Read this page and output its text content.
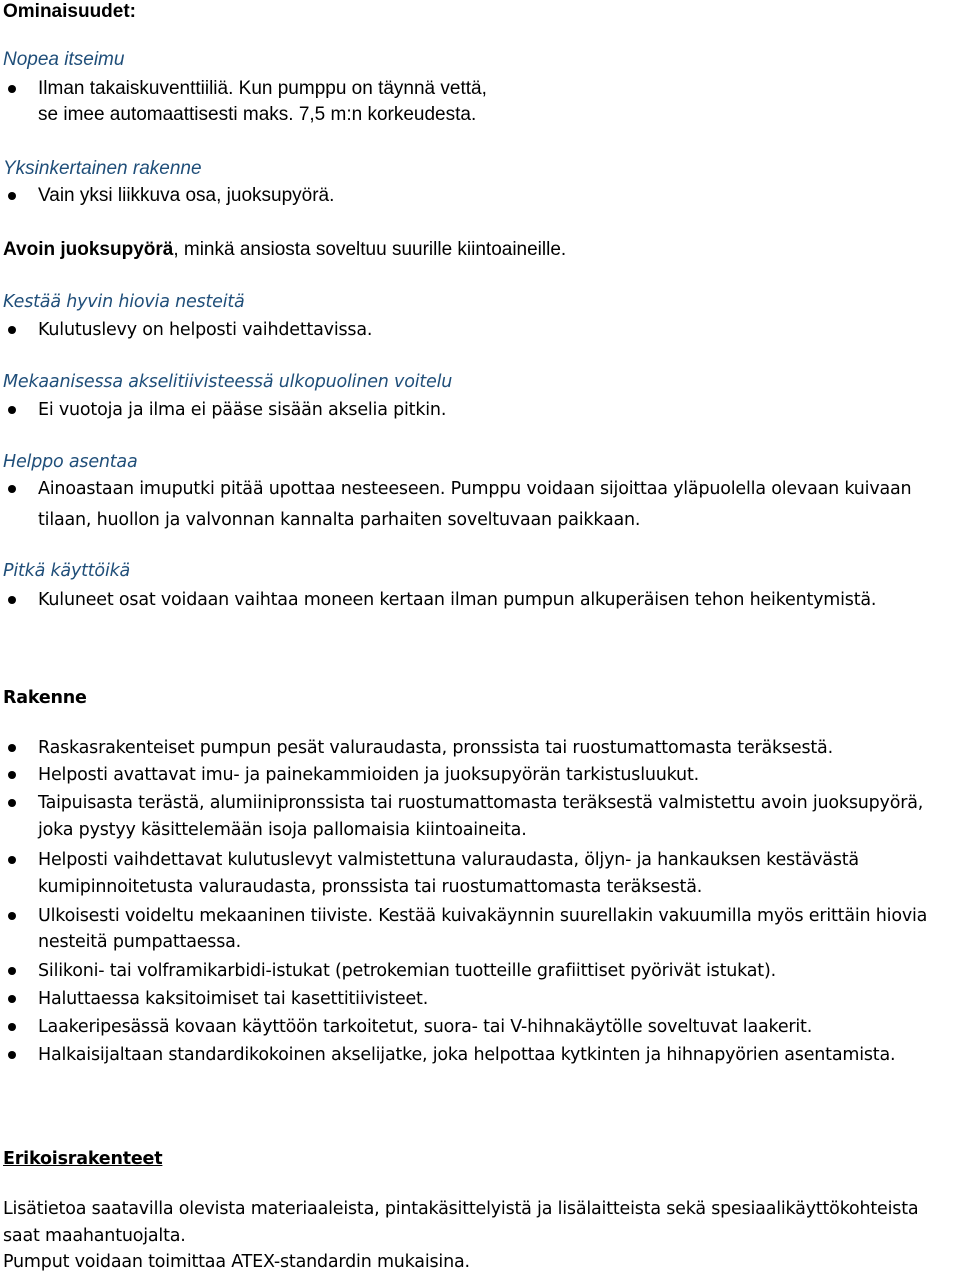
Ominaisuudet:
Nopea itseimu
Ilman takaiskuventtiiliä. Kun pumppu on täynnä vettä,
se imee automaattisesti maks. 7,5 m:n korkeudesta.
Yksinkertainen rakenne
Vain yksi liikkuva osa, juoksupyörä.
Avoin juoksupyörä, minkä ansiosta soveltuu suurille kiintoaineille.
Kestää hyvin hiovia nesteitä
Kulutuslevy on helposti vaihdettavissa.
Mekaanisessa akselitiivisteessä ulkopuolinen voitelu
Ei vuotoja ja ilma ei pääse sisään akselia pitkin.
Helppo asentaa
Ainoastaan imuputki pitää upottaa nesteeseen. Pumppu voidaan sijoittaa yläpuolella olevaan kuivaan
tilaan, huollon ja valvonnan kannalta parhaiten soveltuvaan paikkaan.
Pitkä käyttöikä
Kuluneet osat voidaan vaihtaa moneen kertaan ilman pumpun alkuperäisen tehon heikentymistä.
Rakenne
Raskasrakenteiset pumpun pesät valuraudasta, pronssista tai ruostumattomasta teräksestä.
Helposti avattavat imu- ja painekammioiden ja juoksupyörän tarkistusluukut.
Taipuisasta terästä, alumiinipronssista tai ruostumattomasta teräksestä valmistettu avoin juoksupyörä,
joka pystyy käsittelemään isoja pallomaisia kiintoaineita.
Helposti vaihdettavat kulutuslevyt valmistettuna valuraudasta, öljyn- ja hankauksen kestävästä
kumipinnoitetusta valuraudasta, pronssista tai ruostumattomasta teräksestä.
Ulkoisesti voideltu mekaaninen tiiviste. Kestää kuivakäynnin suurellakin vakuumilla myös erittäin hiovia
nesteitä pumpattaessa.
Silikoni- tai volframikarbidi-istukat (petrokemian tuotteille grafiittiset pyörivät istukat).
Haluttaessa kaksitoimiset tai kasettitiivisteet.
Laakeripesässä kovaan käyttöön tarkoitetut, suora- tai V-hihnakäytölle soveltuvat laakerit.
Halkaisijaltaan standardikokoinen akselijatke, joka helpottaa kytkinten ja hihnapyörien asentamista.
Erikoisrakenteet
Lisätietoa saatavilla olevista materiaaleista, pintakäsittelyistä ja lisälaitteista sekä spesiaalikäyttökohteista
saat maahantuojalta.
Pumput voidaan toimittaa ATEX-standardin mukaisina.
